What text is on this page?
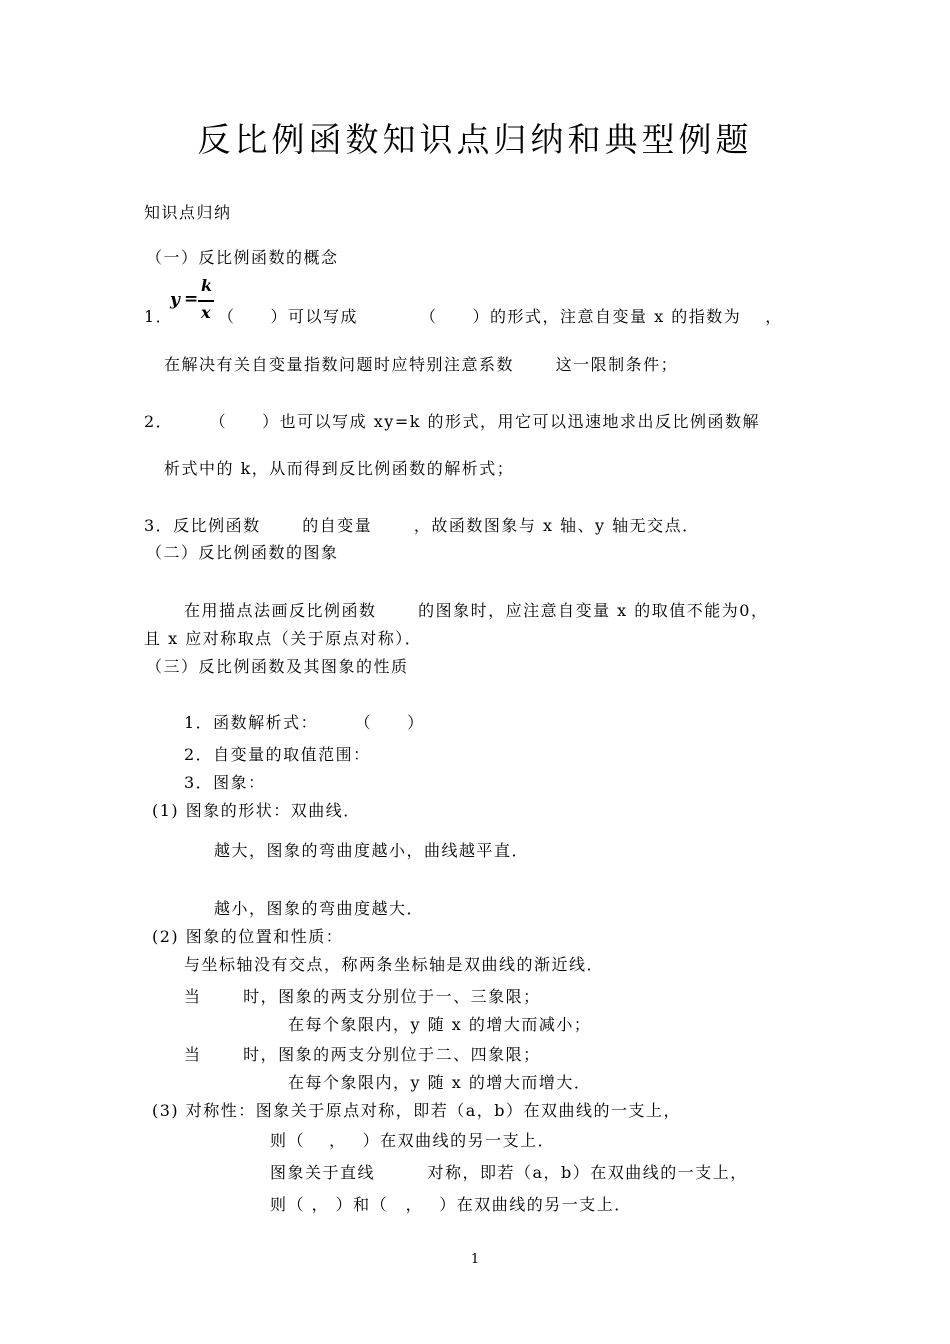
反比例函数知识点归纳和典型例题
知识点归纳
（一）反比例函数的概念
1．
y =
k
x （　　）可以写成　　　　（　　）的形式，注意自变量 x 的指数为　 ，
在解决有关自变量指数问题时应特别注意系数　　 这一限制条件；
2．　　　（　　）也可以写成 xy=k 的形式，用它可以迅速地求出反比例函数解
析式中的 k，从而得到反比例函数的解析式；
3．反比例函数　　 的自变量　　 ，故函数图象与 x 轴、y 轴无交点．
（二）反比例函数的图象
在用描点法画反比例函数　　 的图象时，应注意自变量 x 的取值不能为0，
且 x 应对称取点（关于原点对称）．
（三）反比例函数及其图象的性质
1．函数解析式：　　　（　　）
2．自变量的取值范围：
3．图象：
(1) 图象的形状：双曲线．
越大，图象的弯曲度越小，曲线越平直．
越小，图象的弯曲度越大．
(2) 图象的位置和性质：
与坐标轴没有交点，称两条坐标轴是双曲线的渐近线．
当　　 时，图象的两支分别位于一、三象限；
在每个象限内，y 随 x 的增大而减小；
当　　 时，图象的两支分别位于二、四象限；
在每个象限内，y 随 x 的增大而增大．
(3) 对称性：图象关于原点对称，即若（a，b）在双曲线的一支上，
则（　 ，　 ）在双曲线的另一支上．
图象关于直线　　　对称，即若（a，b）在双曲线的一支上，
则（ ， ）和（　，　 ）在双曲线的另一支上．
1
